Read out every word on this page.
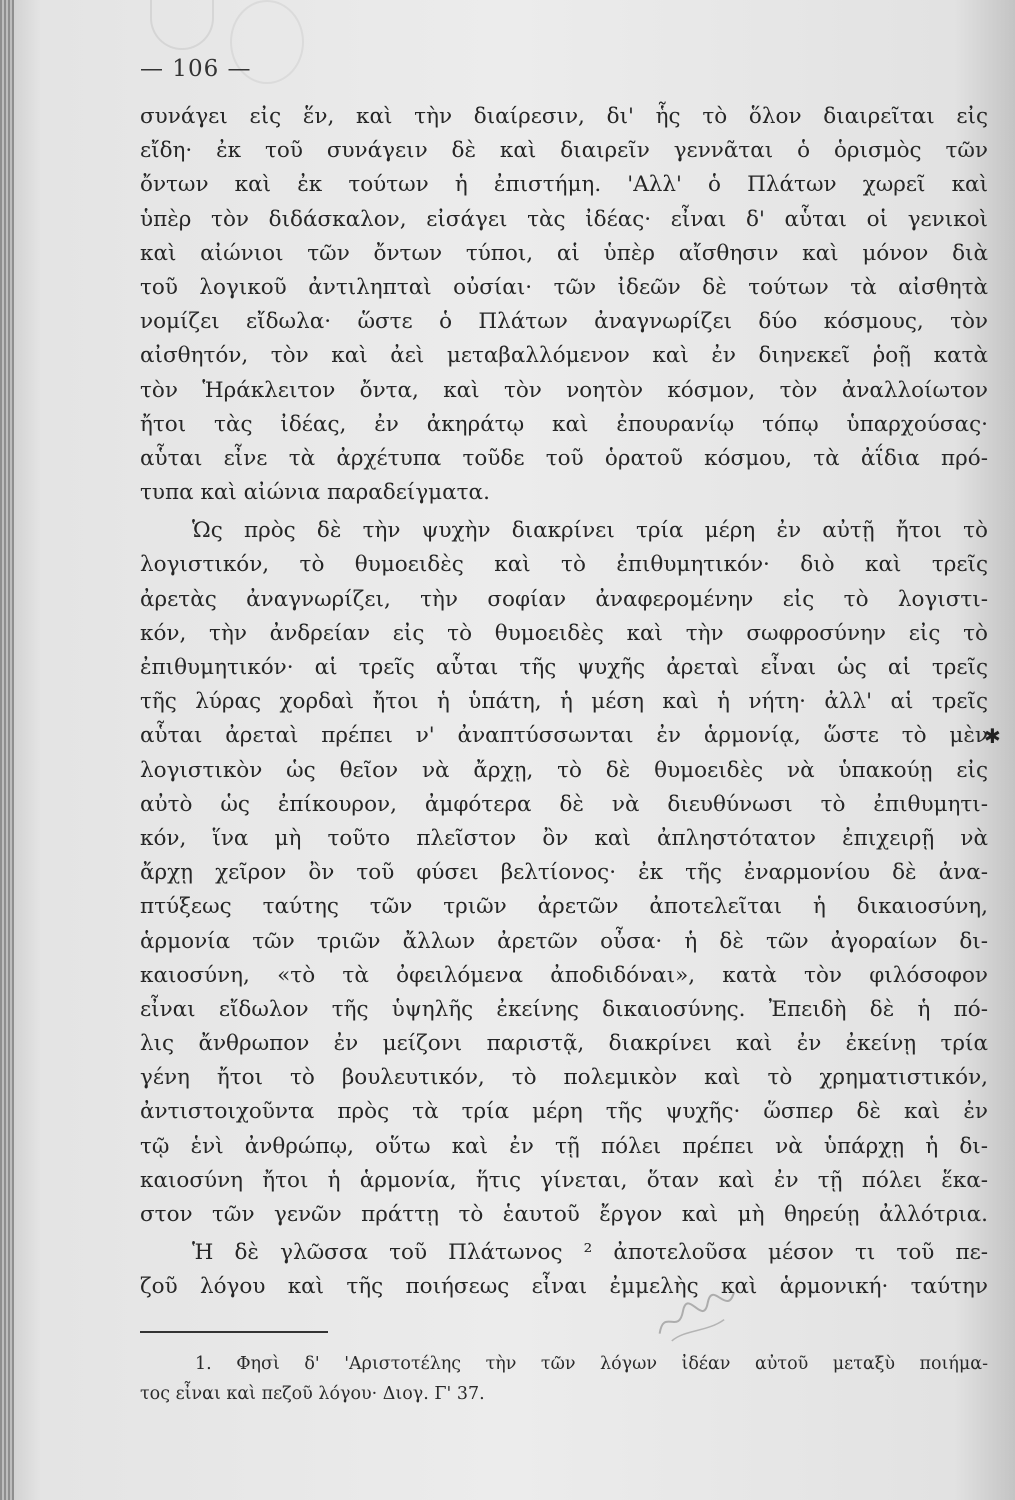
— 106 —
συνάγει εἰς ἕν, καὶ τὴν διαίρεσιν, δι' ἧς τὸ ὅλον διαιρεῖται εἰς
εἴδη· ἐκ τοῦ συνάγειν δὲ καὶ διαιρεῖν γεννᾶται ὁ ὁρισμὸς τῶν
ὄντων καὶ ἐκ τούτων ἡ ἐπιστήμη. 'Αλλ' ὁ Πλάτων χωρεῖ καὶ
ὑπὲρ τὸν διδάσκαλον, εἰσάγει τὰς ἰδέας· εἶναι δ' αὗται οἱ γενικοὶ
καὶ αἰώνιοι τῶν ὄντων τύποι, αἱ ὑπὲρ αἴσθησιν καὶ μόνον διὰ
τοῦ λογικοῦ ἀντιληπταὶ οὐσίαι· τῶν ἰδεῶν δὲ τούτων τὰ αἰσθητὰ
νομίζει εἴδωλα· ὥστε ὁ Πλάτων ἀναγνωρίζει δύο κόσμους, τὸν
αἰσθητόν, τὸν καὶ ἀεὶ μεταβαλλόμενον καὶ ἐν διηνεκεῖ ῥοῇ κατὰ
τὸν Ἡράκλειτον ὄντα, καὶ τὸν νοητὸν κόσμον, τὸν ἀναλλοίωτον
ἤτοι τὰς ἰδέας, ἐν ἀκηράτῳ καὶ ἐπουρανίῳ τόπῳ ὑπαρχούσας·
αὗται εἶνε τὰ ἀρχέτυπα τοῦδε τοῦ ὁρατοῦ κόσμου, τὰ ἀΐδια πρό-
τυπα καὶ αἰώνια παραδείγματα.
Ὡς πρὸς δὲ τὴν ψυχὴν διακρίνει τρία μέρη ἐν αὐτῇ ἤτοι τὸ
λογιστικόν, τὸ θυμοειδὲς καὶ τὸ ἐπιθυμητικόν· διὸ καὶ τρεῖς
ἀρετὰς ἀναγνωρίζει, τὴν σοφίαν ἀναφερομένην εἰς τὸ λογιστι-
κόν, τὴν ἀνδρείαν εἰς τὸ θυμοειδὲς καὶ τὴν σωφροσύνην εἰς τὸ
ἐπιθυμητικόν· αἱ τρεῖς αὗται τῆς ψυχῆς ἀρεταὶ εἶναι ὡς αἱ τρεῖς
τῆς λύρας χορδαὶ ἤτοι ἡ ὑπάτη, ἡ μέση καὶ ἡ νήτη· ἀλλ' αἱ τρεῖς
αὗται ἀρεταὶ πρέπει ν' ἀναπτύσσωνται ἐν ἁρμονίᾳ, ὥστε τὸ μὲν
λογιστικὸν ὡς θεῖον νὰ ἄρχῃ, τὸ δὲ θυμοειδὲς νὰ ὑπακούῃ εἰς
αὐτὸ ὡς ἐπίκουρον, ἀμφότερα δὲ νὰ διευθύνωσι τὸ ἐπιθυμητι-
κόν, ἵνα μὴ τοῦτο πλεῖστον ὂν καὶ ἀπληστότατον ἐπιχειρῇ νὰ
ἄρχῃ χεῖρον ὂν τοῦ φύσει βελτίονος· ἐκ τῆς ἐναρμονίου δὲ ἀνα-
πτύξεως ταύτης τῶν τριῶν ἀρετῶν ἀποτελεῖται ἡ δικαιοσύνη,
ἁρμονία τῶν τριῶν ἄλλων ἀρετῶν οὖσα· ἡ δὲ τῶν ἀγοραίων δι-
καιοσύνη, «τὸ τὰ ὀφειλόμενα ἀποδιδόναι», κατὰ τὸν φιλόσοφον
εἶναι εἴδωλον τῆς ὑψηλῆς ἐκείνης δικαιοσύνης. Ἐπειδὴ δὲ ἡ πό-
λις ἄνθρωπον ἐν μείζονι παριστᾷ, διακρίνει καὶ ἐν ἐκείνῃ τρία
γένη ἤτοι τὸ βουλευτικόν, τὸ πολεμικὸν καὶ τὸ χρηματιστικόν,
ἀντιστοιχοῦντα πρὸς τὰ τρία μέρη τῆς ψυχῆς· ὥσπερ δὲ καὶ ἐν
τῷ ἑνὶ ἀνθρώπῳ, οὕτω καὶ ἐν τῇ πόλει πρέπει νὰ ὑπάρχῃ ἡ δι-
καιοσύνη ἤτοι ἡ ἁρμονία, ἥτις γίνεται, ὅταν καὶ ἐν τῇ πόλει ἕκα-
στον τῶν γενῶν πράττῃ τὸ ἑαυτοῦ ἔργον καὶ μὴ θηρεύῃ ἀλλότρια.
Ἡ δὲ γλῶσσα τοῦ Πλάτωνος ² ἀποτελοῦσα μέσον τι τοῦ πε-
ζοῦ λόγου καὶ τῆς ποιήσεως εἶναι ἐμμελὴς καὶ ἁρμονική· ταύτην
✱
1. Φησὶ δ' 'Αριστοτέλης τὴν τῶν λόγων ἰδέαν αὐτοῦ μεταξὺ ποιήμα-
τος εἶναι καὶ πεζοῦ λόγου· Διογ. Γ' 37.
